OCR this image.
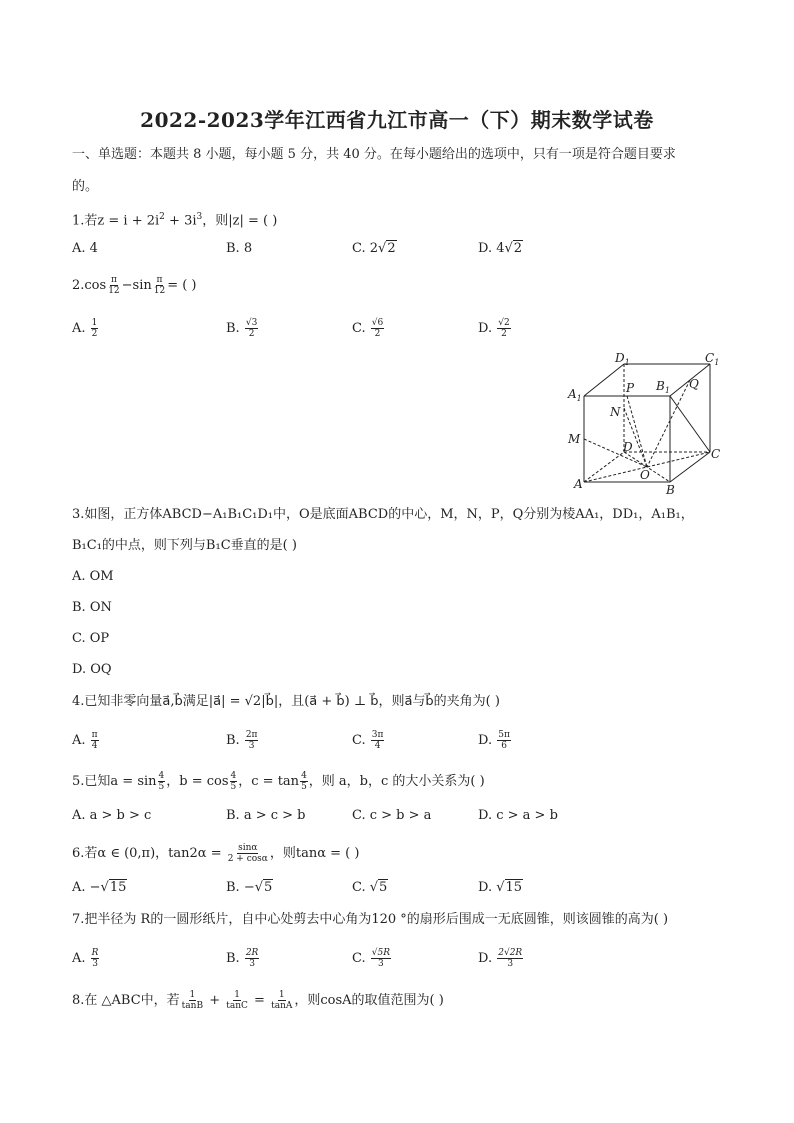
2022-2023学年江西省九江市高一（下）期末数学试卷
一、单选题：本题共 8 小题，每小题 5 分，共 40 分。在每小题给出的选项中，只有一项是符合题目要求
的。
1.若$z = i + 2i^2 + 3i^3$，则|z| = ( )
A. 4	B. 8	C. 2√2	D. 4√2
$2.\cos \frac{\pi}{12} -\sin \frac{\pi}{12}$ = ( )
A. $\frac{1}{2}$	B. $\frac{√3}{2}$	C. $\frac{√6}{2}$	D. $\frac{√2}{2}$
$D_1$	$C_1$
$A_1$
$B_1$
P	Q
N
M
D	C
O
A	B
3.如图，正方体ABCD−A₁B₁C₁D₁中，O是底面ABCD的中心，M，N，P，Q分别为棱AA₁，DD₁，A₁B₁，
B₁C₁的中点，则下列与B₁C垂直的是( )
A. OM
B. ON
C. OP
D. OQ
4.已知非零向量a⃗,b⃗满足|a⃗| = √2|b⃗|，且(a⃗ + b⃗) ⊥ b⃗，则a⃗与b⃗的夹角为( )
A. $\frac{\pi}{4}$	B. $\frac{2\pi}{3}$	C. $\frac{3\pi}{4}$	D. $\frac{5\pi}{6}$
5.已知$a = \sin \frac{4}{5}$ ，$b = \cos \frac{4}{5}$ ，$c = \tan \frac{4}{5}$ ，则 a，b，c 的大小关系为( )
A. a > b > c	B. a > c > b	C. c > b > a	D. c > a > b
6.若α ∈ (0,π)，$\tan 2\alpha = \frac{\sin\alpha}{2 + \cos\alpha}$ ，则tanα = ( )
A. −√15	B. −√5	C. √5	D. √15
7.把半径为 R的一圆形纸片，自中心处剪去中心角为120 °的扇形后围成一无底圆锥，则该圆锥的高为( )
A. $\frac{R}{3}$	B. $\frac{2R}{3}$	C. $\frac{√5R}{3}$	D. $\frac{2√2R}{3}$
8.在 △ABC中，若 $\frac{1}{\tan B} + \frac{1}{\tan C} = \frac{1}{\tan A}$ ，则cosA的取值范围为( )
